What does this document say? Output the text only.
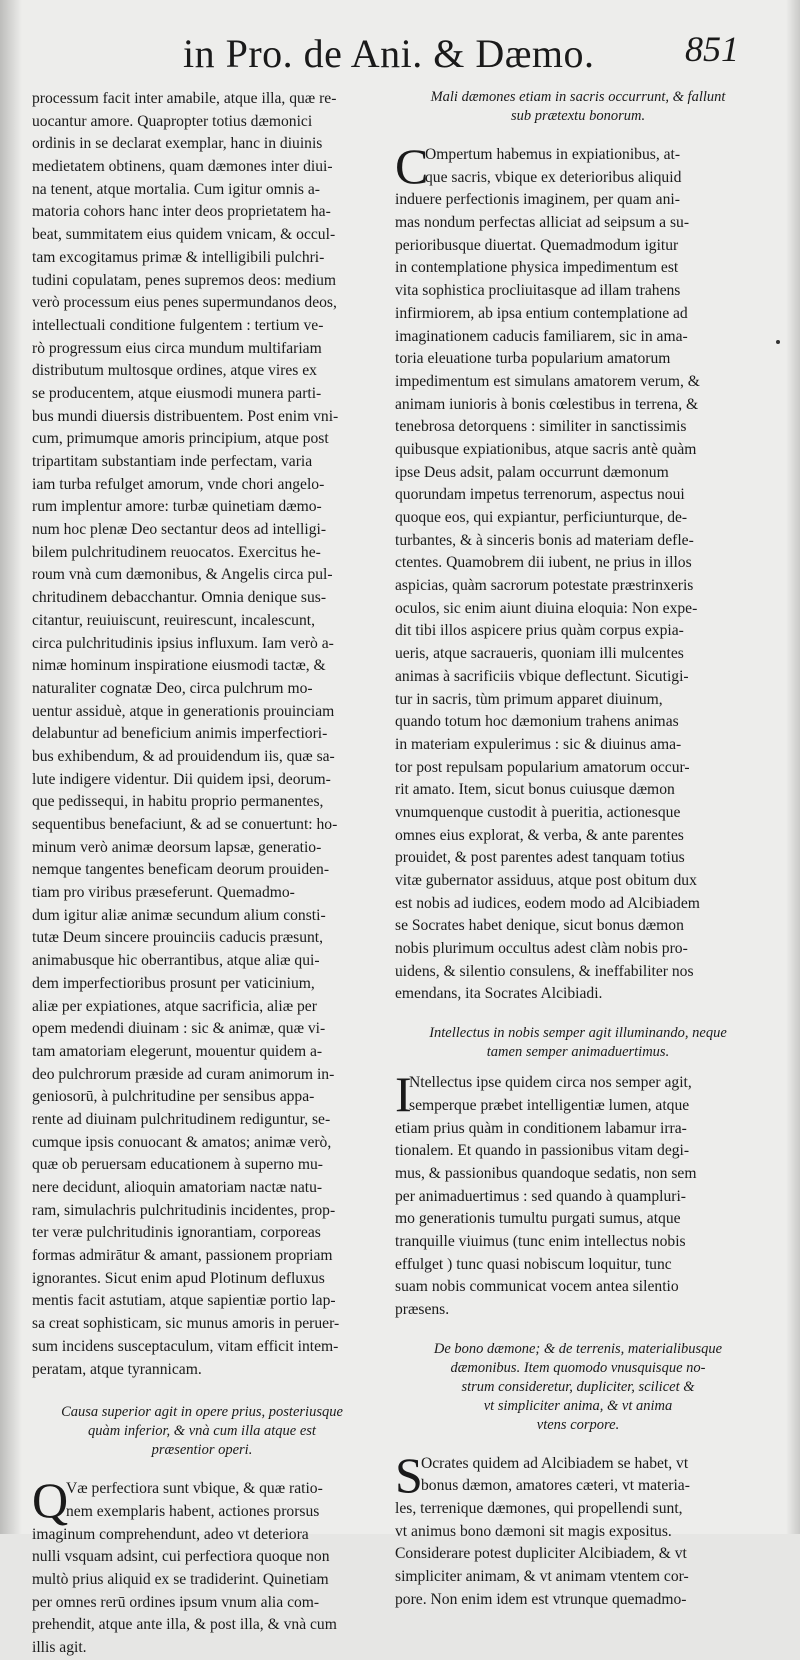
in Pro. de Ani. & Dæmo.	851
processum facit inter amabile, atque illa, quæ re-
uocantur amore. Quapropter totius dæmonici
ordinis in se declarat exemplar, hanc in diuinis
medietatem obtinens, quam dæmones inter diui-
na tenent, atque mortalia. Cum igitur omnis a-
matoria cohors hanc inter deos proprietatem ha-
beat, summitatem eius quidem vnicam, & occul-
tam excogitamus primæ & intelligibili pulchri-
tudini copulatam, penes supremos deos: medium
verò processum eius penes supermundanos deos,
intellectuali conditione fulgentem : tertium ve-
rò progressum eius circa mundum multifariam
distributum multosque ordines, atque vires ex
se producentem, atque eiusmodi munera parti-
bus mundi diuersis distribuentem. Post enim vni-
cum, primumque amoris principium, atque post
tripartitam substantiam inde perfectam, varia
iam turba refulget amorum, vnde chori angelo-
rum implentur amore: turbæ quinetiam dæmo-
num hoc plenæ Deo sectantur deos ad intelligi-
bilem pulchritudinem reuocatos. Exercitus he-
roum vnà cum dæmonibus, & Angelis circa pul-
chritudinem debacchantur. Omnia denique sus-
citantur, reuiuiscunt, reuirescunt, incalescunt,
circa pulchritudinis ipsius influxum. Iam verò a-
nimæ hominum inspiratione eiusmodi tactæ, &
naturaliter cognatæ Deo, circa pulchrum mo-
uentur assiduè, atque in generationis prouinciam
delabuntur ad beneficium animis imperfectiori-
bus exhibendum, & ad prouidendum iis, quæ sa-
lute indigere videntur. Dii quidem ipsi, deorum-
que pedissequi, in habitu proprio permanentes,
sequentibus benefaciunt, & ad se conuertunt: ho-
minum verò animæ deorsum lapsæ, generatio-
nemque tangentes beneficam deorum prouiden-
tiam pro viribus præseferunt. Quemadmo-
dum igitur aliæ animæ secundum alium consti-
tutæ Deum sincere prouinciis caducis præsunt,
animabusque hic oberrantibus, atque aliæ qui-
dem imperfectioribus prosunt per vaticinium,
aliæ per expiationes, atque sacrificia, aliæ per
opem medendi diuinam : sic & animæ, quæ vi-
tam amatoriam elegerunt, mouentur quidem a-
deo pulchrorum præside ad curam animorum in-
geniosorū, à pulchritudine per sensibus appa-
rente ad diuinam pulchritudinem rediguntur, se-
cumque ipsis conuocant & amatos; animæ verò,
quæ ob peruersam educationem à superno mu-
nere decidunt, alioquin amatoriam nactæ natu-
ram, simulachris pulchritudinis incidentes, prop-
ter veræ pulchritudinis ignorantiam, corporeas
formas admirātur & amant, passionem propriam
ignorantes. Sicut enim apud Plotinum defluxus
mentis facit astutiam, atque sapientiæ portio lap-
sa creat sophisticam, sic munus amoris in peruer-
sum incidens susceptaculum, vitam efficit intem-
peratam, atque tyrannicam.
Causa superior agit in opere prius, posteriusque
quàm inferior, & vnà cum illa atque est
præsentior operi.
Q
Væ perfectiora sunt vbique, & quæ ratio-
nem exemplaris habent, actiones prorsus
imaginum comprehendunt, adeo vt deteriora
nulli vsquam adsint, cui perfectiora quoque non
multò prius aliquid ex se tradiderint. Quinetiam
per omnes rerū ordines ipsum vnum alia com-
prehendit, atque ante illa, & post illa, & vnà cum
illis agit.
Mali dæmones etiam in sacris occurrunt, & fallunt
sub prætextu bonorum.
C
Ompertum habemus in expiationibus, at-
que sacris, vbique ex deterioribus aliquid
induere perfectionis imaginem, per quam ani-
mas nondum perfectas alliciat ad seipsum a su-
perioribusque diuertat. Quemadmodum igitur
in contemplatione physica impedimentum est
vita sophistica procliuitasque ad illam trahens
infirmiorem, ab ipsa entium contemplatione ad
imaginationem caducis familiarem, sic in ama-
toria eleuatione turba popularium amatorum
impedimentum est simulans amatorem verum, &
animam iunioris à bonis cœlestibus in terrena, &
tenebrosa detorquens : similiter in sanctissimis
quibusque expiationibus, atque sacris antè quàm
ipse Deus adsit, palam occurrunt dæmonum
quorundam impetus terrenorum, aspectus noui
quoque eos, qui expiantur, perficiunturque, de-
turbantes, & à sinceris bonis ad materiam defle-
ctentes. Quamobrem dii iubent, ne prius in illos
aspicias, quàm sacrorum potestate præstrinxeris
oculos, sic enim aiunt diuina eloquia: Non expe-
dit tibi illos aspicere prius quàm corpus expia-
ueris, atque sacraueris, quoniam illi mulcentes
animas à sacrificiis vbique deflectunt. Sicutigi-
tur in sacris, tùm primum apparet diuinum,
quando totum hoc dæmonium trahens animas
in materiam expulerimus : sic & diuinus ama-
tor post repulsam popularium amatorum occur-
rit amato. Item, sicut bonus cuiusque dæmon
vnumquenque custodit à pueritia, actionesque
omnes eius explorat, & verba, & ante parentes
prouidet, & post parentes adest tanquam totius
vitæ gubernator assiduus, atque post obitum dux
est nobis ad iudices, eodem modo ad Alcibiadem
se Socrates habet denique, sicut bonus dæmon
nobis plurimum occultus adest clàm nobis pro-
uidens, & silentio consulens, & ineffabiliter nos
emendans, ita Socrates Alcibiadi.
Intellectus in nobis semper agit illuminando, neque
tamen semper animaduertimus.
I
Ntellectus ipse quidem circa nos semper agit,
semperque præbet intelligentiæ lumen, atque
etiam prius quàm in conditionem labamur irra-
tionalem. Et quando in passionibus vitam degi-
mus, & passionibus quandoque sedatis, non sem
per animaduertimus : sed quando à quampluri-
mo generationis tumultu purgati sumus, atque
tranquille viuimus (tunc enim intellectus nobis
effulget ) tunc quasi nobiscum loquitur, tunc
suam nobis communicat vocem antea silentio
præsens.
De bono dæmone; & de terrenis, materialibusque
dæmonibus. Item quomodo vnusquisque no-
strum consideretur, dupliciter, scilicet &
vt simpliciter anima, & vt anima
vtens corpore.
S
Ocrates quidem ad Alcibiadem se habet, vt
bonus dæmon, amatores cæteri, vt materia-
les, terrenique dæmones, qui propellendi sunt,
vt animus bono dæmoni sit magis expositus.
Considerare potest dupliciter Alcibiadem, & vt
simpliciter animam, & vt animam vtentem cor-
pore. Non enim idem est vtrunque quemadmo-
